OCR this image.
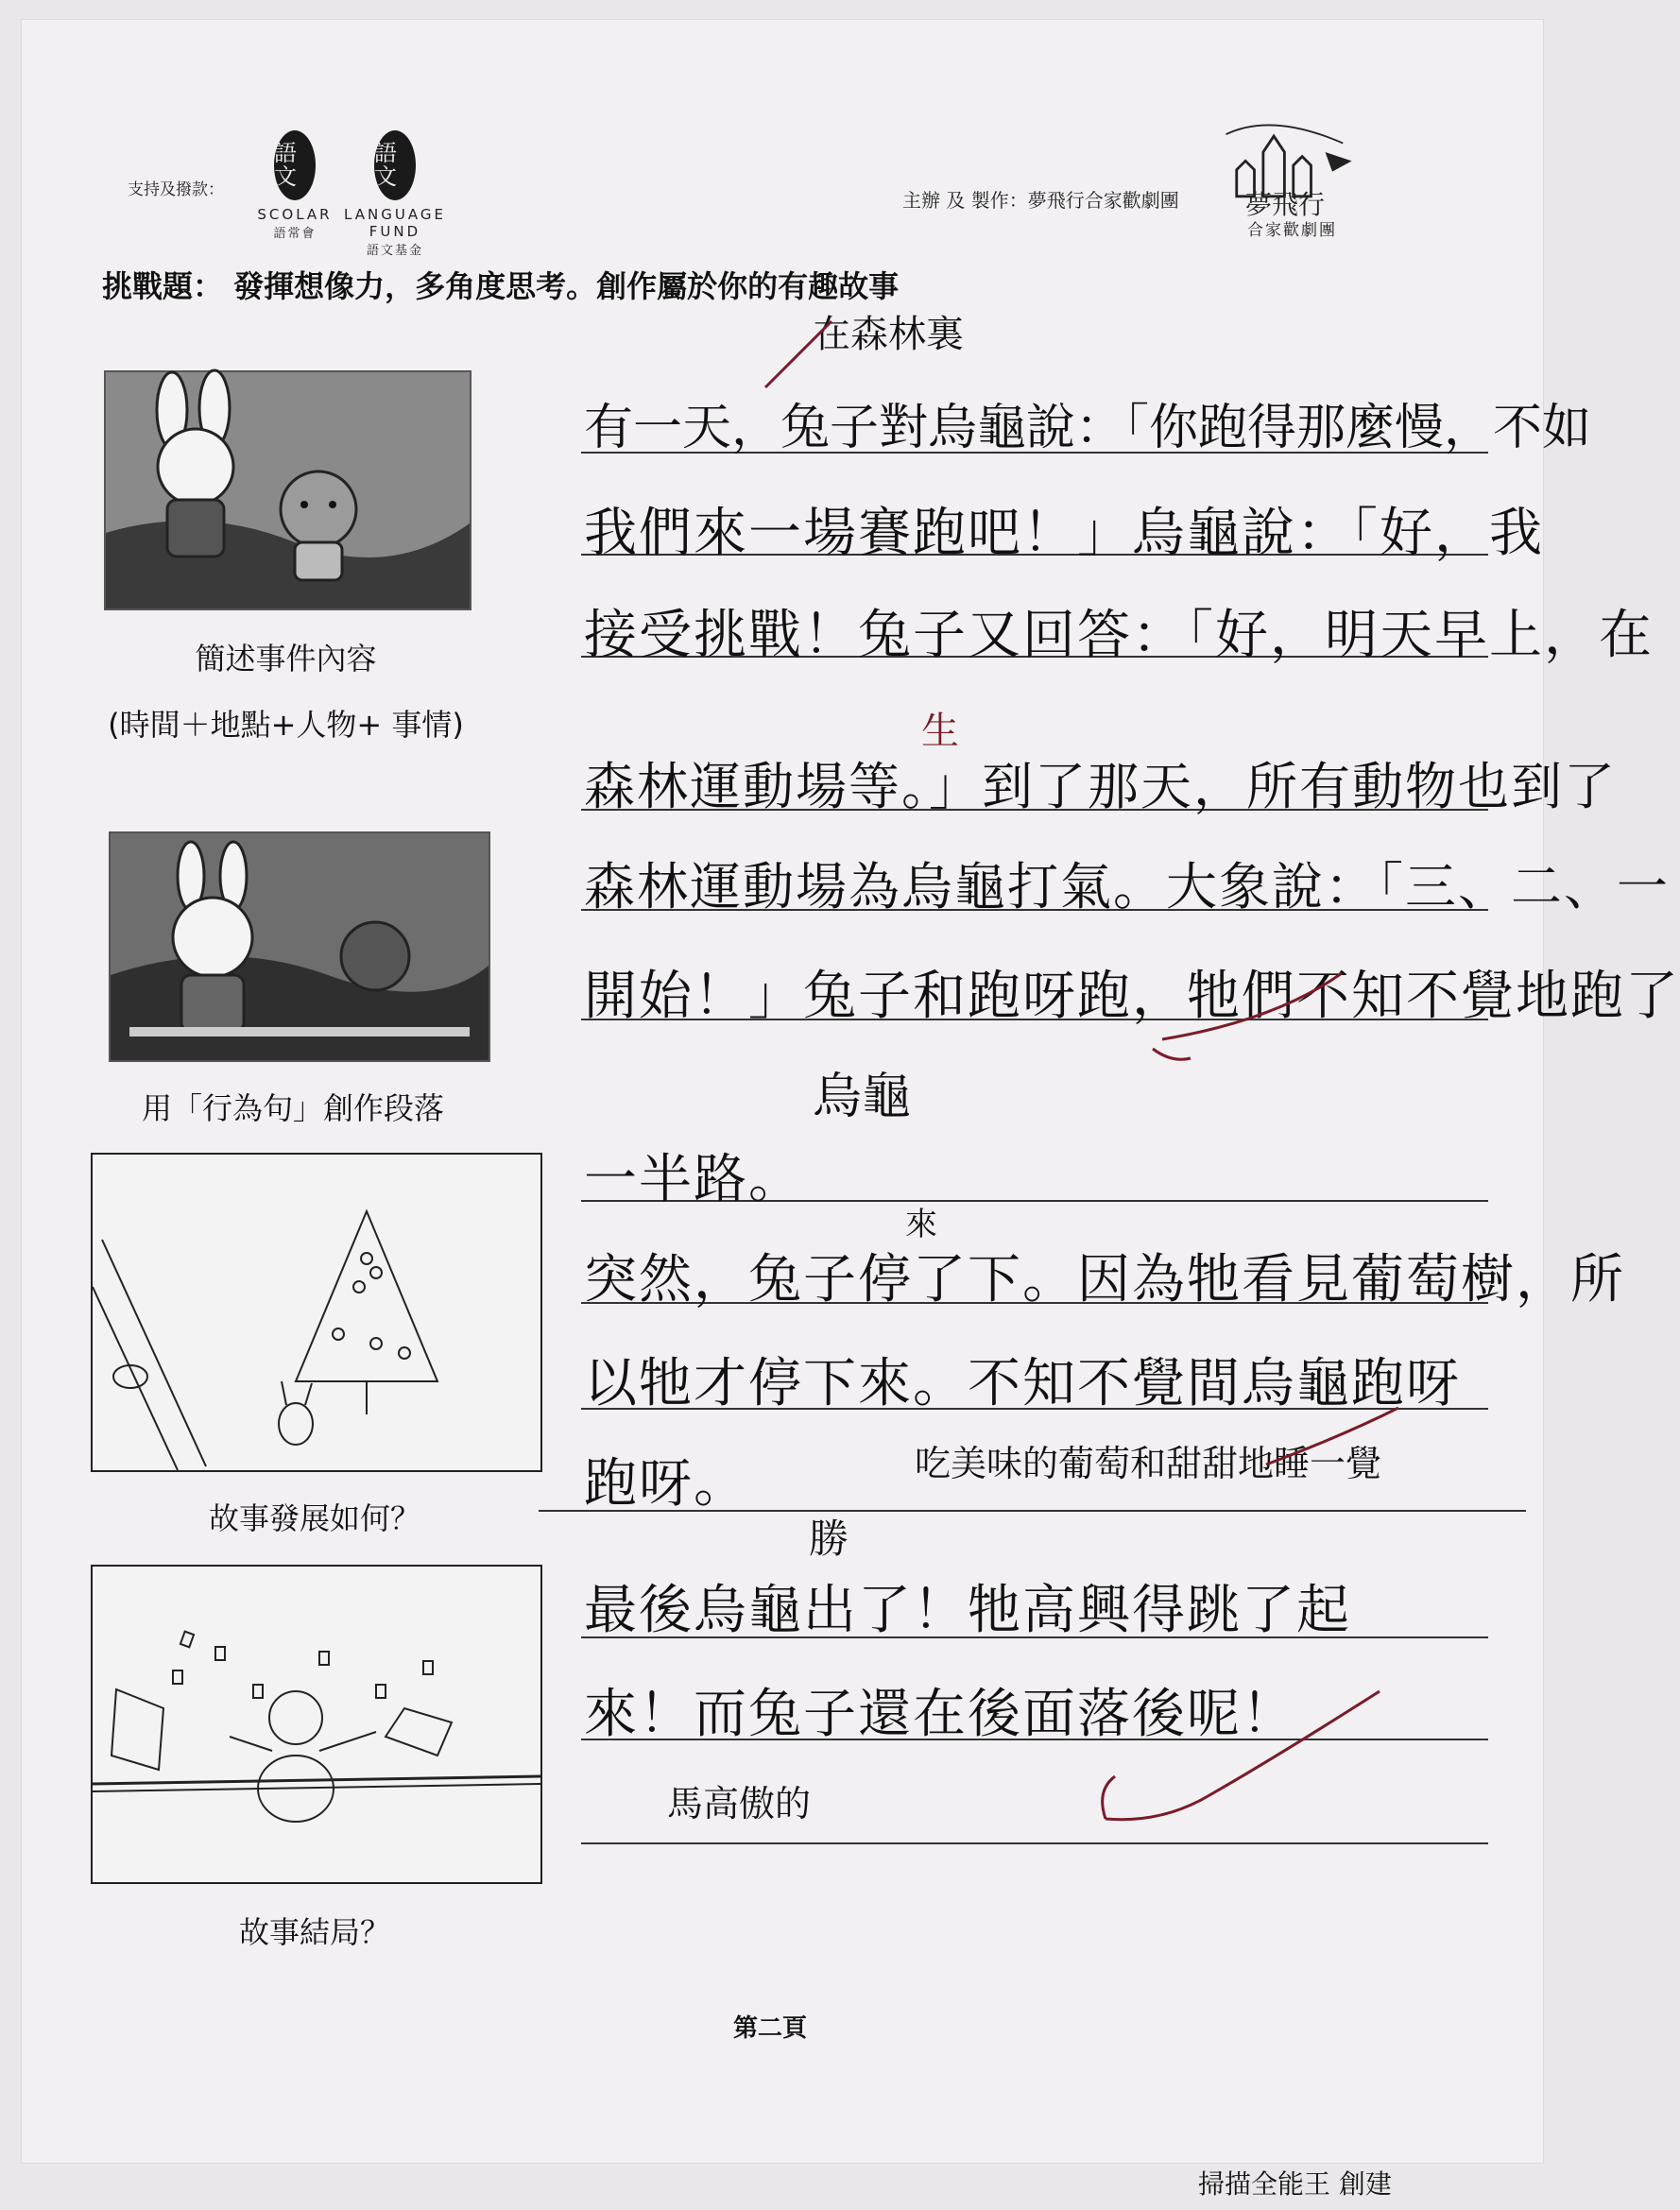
支持及撥款：
語文
SCOLAR
語常會
語文
LANGUAGE FUND
語文基金
主辦 及 製作：夢飛行合家歡劇團	夢飛行
合家歡劇團
挑戰題： 發揮想像力，多角度思考。創作屬於你的有趣故事
簡述事件內容
(時間＋地點+人物+ 事情)
用「行為句」創作段落
故事發展如何？
故事結局？
在森林裏
有一天，兔子對烏龜說：「你跑得那麼慢，不如
我們來一場賽跑吧！」烏龜說：「好，我
接受挑戰！兔子又回答：「好，明天早上，在
生
森林運動場等。」到了那天，所有動物也到了
森林運動場為烏龜打氣。大象說：「三、二、一
開始！」兔子和跑呀跑，牠們不知不覺地跑了
烏龜
一半路。
來
突然，兔子停了下。因為牠看見葡萄樹，所
以牠才停下來。不知不覺間烏龜跑呀
跑呀。	吃美味的葡萄和甜甜地睡一覺
勝
最後烏龜出了！牠高興得跳了起
來！而兔子還在後面落後呢！
馬高傲的
第二頁
掃描全能王 創建
